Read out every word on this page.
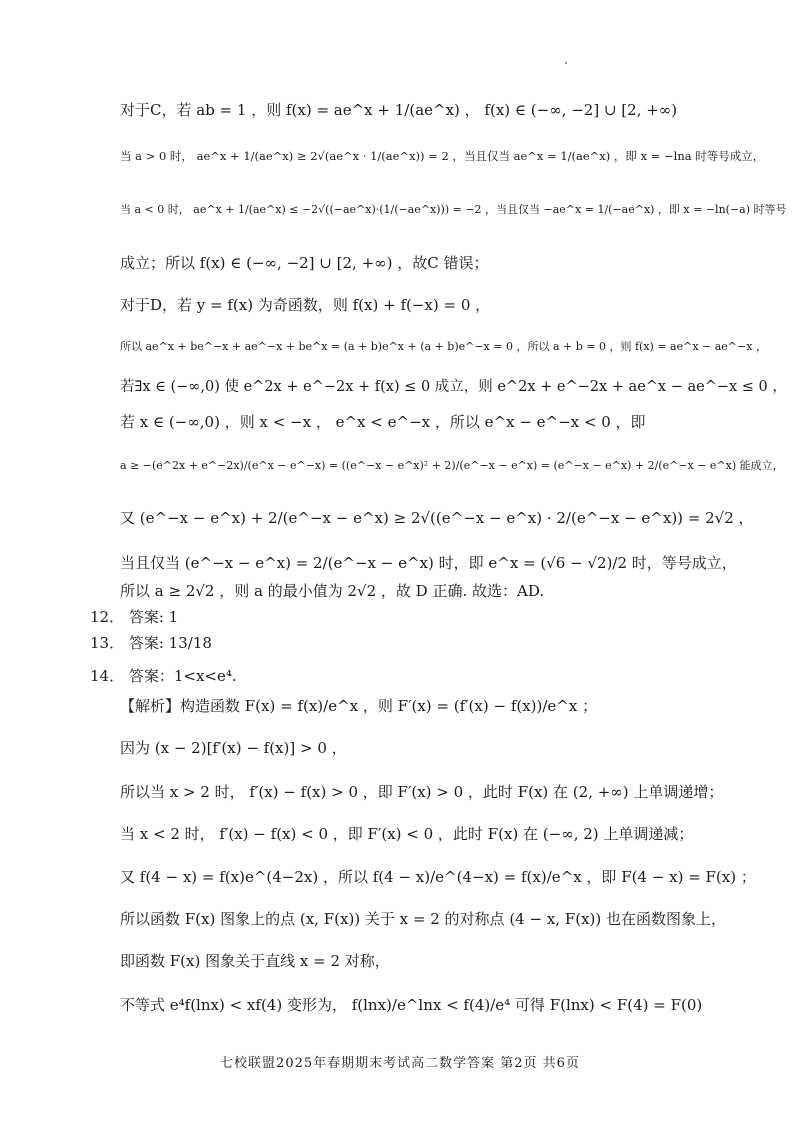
对于C，若 ab = 1 ，则 f(x) = ae^x + 1/(ae^x) ， f(x) ∈ (−∞, −2] ∪ [2, +∞)
当 a > 0 时， ae^x + 1/(ae^x) ≥ 2√(ae^x · 1/(ae^x)) = 2 ，当且仅当 ae^x = 1/(ae^x) ，即 x = −lna 时等号成立，
当 a < 0 时， ae^x + 1/(ae^x) ≤ −2√((−ae^x)·(1/(−ae^x))) = −2 ，当且仅当 −ae^x = 1/(−ae^x) ，即 x = −ln(−a) 时等号
成立；所以 f(x) ∈ (−∞, −2] ∪ [2, +∞) ，故C 错误；
对于D，若 y = f(x) 为奇函数，则 f(x) + f(−x) = 0 ，
所以 ae^x + be^−x + ae^−x + be^x = (a + b)e^x + (a + b)e^−x = 0 ，所以 a + b = 0 ，则 f(x) = ae^x − ae^−x ，
若∃x ∈ (−∞,0) 使 e^2x + e^−2x + f(x) ≤ 0 成立，则 e^2x + e^−2x + ae^x − ae^−x ≤ 0 ，
若 x ∈ (−∞,0) ，则 x < −x ， e^x < e^−x ，所以 e^x − e^−x < 0 ，即
a ≥ −(e^2x + e^−2x)/(e^x − e^−x) = ((e^−x − e^x)² + 2)/(e^−x − e^x) = (e^−x − e^x) + 2/(e^−x − e^x) 能成立，
又 (e^−x − e^x) + 2/(e^−x − e^x) ≥ 2√((e^−x − e^x) · 2/(e^−x − e^x)) = 2√2 ，
当且仅当 (e^−x − e^x) = 2/(e^−x − e^x) 时，即 e^x = (√6 − √2)/2 时，等号成立，
所以 a ≥ 2√2 ，则 a 的最小值为 2√2 ，故 D 正确. 故选：AD.
12． 答案: 1
13． 答案: 13/18
14． 答案：1<x<e⁴.
【解析】构造函数 F(x) = f(x)/e^x ，则 F′(x) = (f′(x) − f(x))/e^x ；
因为 (x − 2)[f′(x) − f(x)] > 0 ，
所以当 x > 2 时， f′(x) − f(x) > 0 ，即 F′(x) > 0 ，此时 F(x) 在 (2, +∞) 上单调递增；
当 x < 2 时， f′(x) − f(x) < 0 ，即 F′(x) < 0 ，此时 F(x) 在 (−∞, 2) 上单调递减；
又 f(4 − x) = f(x)e^(4−2x) ，所以 f(4 − x)/e^(4−x) = f(x)/e^x ，即 F(4 − x) = F(x) ；
所以函数 F(x) 图象上的点 (x, F(x)) 关于 x = 2 的对称点 (4 − x, F(x)) 也在函数图象上，
即函数 F(x) 图象关于直线 x = 2 对称，
不等式 e⁴f(lnx) < xf(4) 变形为， f(lnx)/e^lnx < f(4)/e⁴ 可得 F(lnx) < F(4) = F(0)
七校联盟2025年春期期末考试高二数学答案 第2页 共6页
